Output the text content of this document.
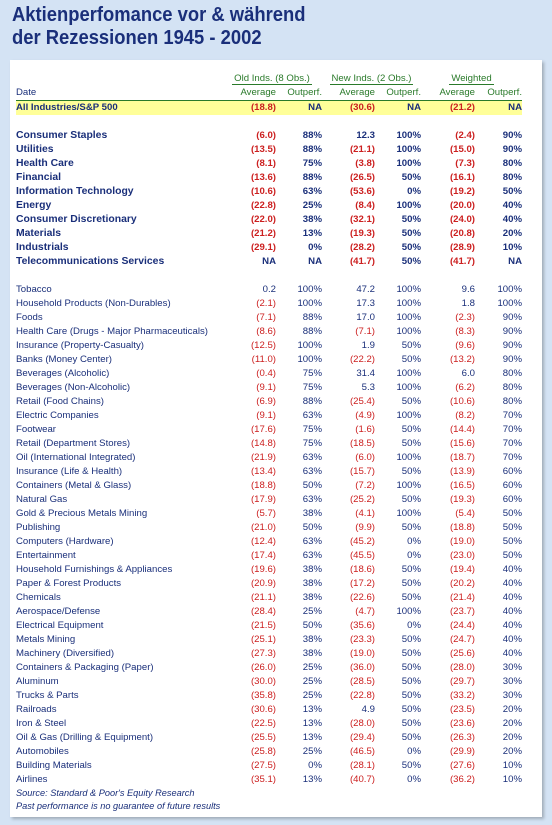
Aktienperfomance vor & während
der Rezessionen 1945 - 2002
	Old Inds. (8 Obs.)		New Inds. (2 Obs.)		Weighted	
Date	Average	Outperf.	Average	Outperf.	Average	Outperf.
All Industries/S&P 500	(18.8)	NA	(30.6)	NA	(21.2)	NA

Consumer Staples	(6.0)	88%	12.3	100%	(2.4)	90%
Utilities	(13.5)	88%	(21.1)	100%	(15.0)	90%
Health Care	(8.1)	75%	(3.8)	100%	(7.3)	80%
Financial	(13.6)	88%	(26.5)	50%	(16.1)	80%
Information Technology	(10.6)	63%	(53.6)	0%	(19.2)	50%
Energy	(22.8)	25%	(8.4)	100%	(20.0)	40%
Consumer Discretionary	(22.0)	38%	(32.1)	50%	(24.0)	40%
Materials	(21.2)	13%	(19.3)	50%	(20.8)	20%
Industrials	(29.1)	0%	(28.2)	50%	(28.9)	10%
Telecommunications Services	NA	NA	(41.7)	50%	(41.7)	NA

Tobacco	0.2	100%	47.2	100%	9.6	100%
Household Products (Non-Durables)	(2.1)	100%	17.3	100%	1.8	100%
Foods	(7.1)	88%	17.0	100%	(2.3)	90%
Health Care (Drugs - Major Pharmaceuticals)	(8.6)	88%	(7.1)	100%	(8.3)	90%
Insurance (Property-Casualty)	(12.5)	100%	1.9	50%	(9.6)	90%
Banks (Money Center)	(11.0)	100%	(22.2)	50%	(13.2)	90%
Beverages (Alcoholic)	(0.4)	75%	31.4	100%	6.0	80%
Beverages (Non-Alcoholic)	(9.1)	75%	5.3	100%	(6.2)	80%
Retail (Food Chains)	(6.9)	88%	(25.4)	50%	(10.6)	80%
Electric Companies	(9.1)	63%	(4.9)	100%	(8.2)	70%
Footwear	(17.6)	75%	(1.6)	50%	(14.4)	70%
Retail (Department Stores)	(14.8)	75%	(18.5)	50%	(15.6)	70%
Oil (International Integrated)	(21.9)	63%	(6.0)	100%	(18.7)	70%
Insurance (Life & Health)	(13.4)	63%	(15.7)	50%	(13.9)	60%
Containers (Metal & Glass)	(18.8)	50%	(7.2)	100%	(16.5)	60%
Natural Gas	(17.9)	63%	(25.2)	50%	(19.3)	60%
Gold & Precious Metals Mining	(5.7)	38%	(4.1)	100%	(5.4)	50%
Publishing	(21.0)	50%	(9.9)	50%	(18.8)	50%
Computers (Hardware)	(12.4)	63%	(45.2)	0%	(19.0)	50%
Entertainment	(17.4)	63%	(45.5)	0%	(23.0)	50%
Household Furnishings & Appliances	(19.6)	38%	(18.6)	50%	(19.4)	40%
Paper & Forest Products	(20.9)	38%	(17.2)	50%	(20.2)	40%
Chemicals	(21.1)	38%	(22.6)	50%	(21.4)	40%
Aerospace/Defense	(28.4)	25%	(4.7)	100%	(23.7)	40%
Electrical Equipment	(21.5)	50%	(35.6)	0%	(24.4)	40%
Metals Mining	(25.1)	38%	(23.3)	50%	(24.7)	40%
Machinery (Diversified)	(27.3)	38%	(19.0)	50%	(25.6)	40%
Containers & Packaging (Paper)	(26.0)	25%	(36.0)	50%	(28.0)	30%
Aluminum	(30.0)	25%	(28.5)	50%	(29.7)	30%
Trucks & Parts	(35.8)	25%	(22.8)	50%	(33.2)	30%
Railroads	(30.6)	13%	4.9	50%	(23.5)	20%
Iron & Steel	(22.5)	13%	(28.0)	50%	(23.6)	20%
Oil & Gas (Drilling & Equipment)	(25.5)	13%	(29.4)	50%	(26.3)	20%
Automobiles	(25.8)	25%	(46.5)	0%	(29.9)	20%
Building Materials	(27.5)	0%	(28.1)	50%	(27.6)	10%
Airlines	(35.1)	13%	(40.7)	0%	(36.2)	10%
Source: Standard & Poor's Equity Research						
Past performance is no guarantee of future results						
